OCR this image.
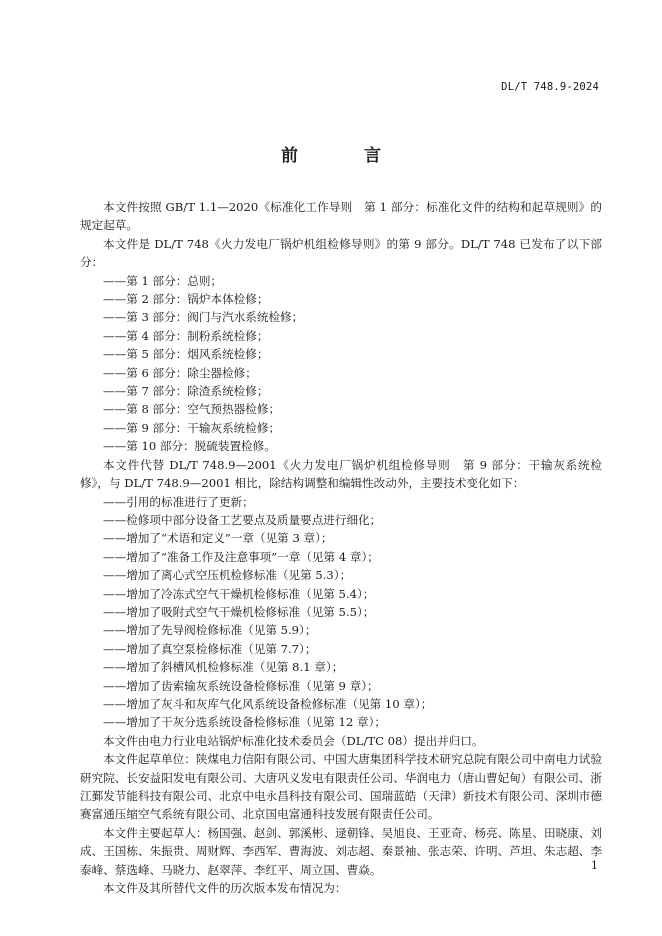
DL/T 748.9-2024
前 言

本文件按照 GB/T 1.1—2020《标准化工作导则　第 1 部分：标准化文件的结构和起草规则》的规定起草。

本文件是 DL/T 748《火力发电厂锅炉机组检修导则》的第 9 部分。DL/T 748 已发布了以下部分：

——第 1 部分：总则；
——第 2 部分：锅炉本体检修；
——第 3 部分：阀门与汽水系统检修；
——第 4 部分：制粉系统检修；
——第 5 部分：烟风系统检修；
——第 6 部分：除尘器检修；
——第 7 部分：除渣系统检修；
——第 8 部分：空气预热器检修；
——第 9 部分：干输灰系统检修；
——第 10 部分：脱硫装置检修。

本文件代替 DL/T 748.9—2001《火力发电厂锅炉机组检修导则　第 9 部分：干输灰系统检修》，与 DL/T 748.9—2001 相比，除结构调整和编辑性改动外，主要技术变化如下：

——引用的标准进行了更新；
——检修项中部分设备工艺要点及质量要点进行细化；
——增加了“术语和定义”一章（见第 3 章）；
——增加了“准备工作及注意事项”一章（见第 4 章）；
——增加了离心式空压机检修标准（见第 5.3）；
——增加了冷冻式空气干燥机检修标准（见第 5.4）；
——增加了吸附式空气干燥机检修标准（见第 5.5）；
——增加了先导阀检修标准（见第 5.9）；
——增加了真空泵检修标准（见第 7.7）；
——增加了斜槽风机检修标准（见第 8.1 章）；
——增加了齿索输灰系统设备检修标准（见第 9 章）；
——增加了灰斗和灰库气化风系统设备检修标准（见第 10 章）；
——增加了干灰分选系统设备检修标准（见第 12 章）；

本文件由电力行业电站锅炉标准化技术委员会（DL/TC 08）提出并归口。

本文件起草单位：陕煤电力信阳有限公司、中国大唐集团科学技术研究总院有限公司中南电力试验研究院、长安益阳发电有限公司、大唐巩义发电有限责任公司、华润电力（唐山曹妃甸）有限公司、浙江鄞发节能科技有限公司、北京中电永昌科技有限公司、国瑞蓝皓（天津）新技术有限公司、深圳市德赛富通压缩空气系统有限公司、北京国电富通科技发展有限责任公司。

本文件主要起草人：杨国强、赵剑、郭溪彬、逯朝锋、吴旭良、王亚奇、杨亮、陈星、田晓康、刘成、王国栋、朱振贵、周财辉、李西军、曹海波、刘志超、秦景袖、张志荣、许明、芦坦、朱志超、李泰峰、蔡选峰、马晓力、赵翠萍、李红平、周立国、曹焱。

本文件及其所替代文件的历次版本发布情况为：

1
